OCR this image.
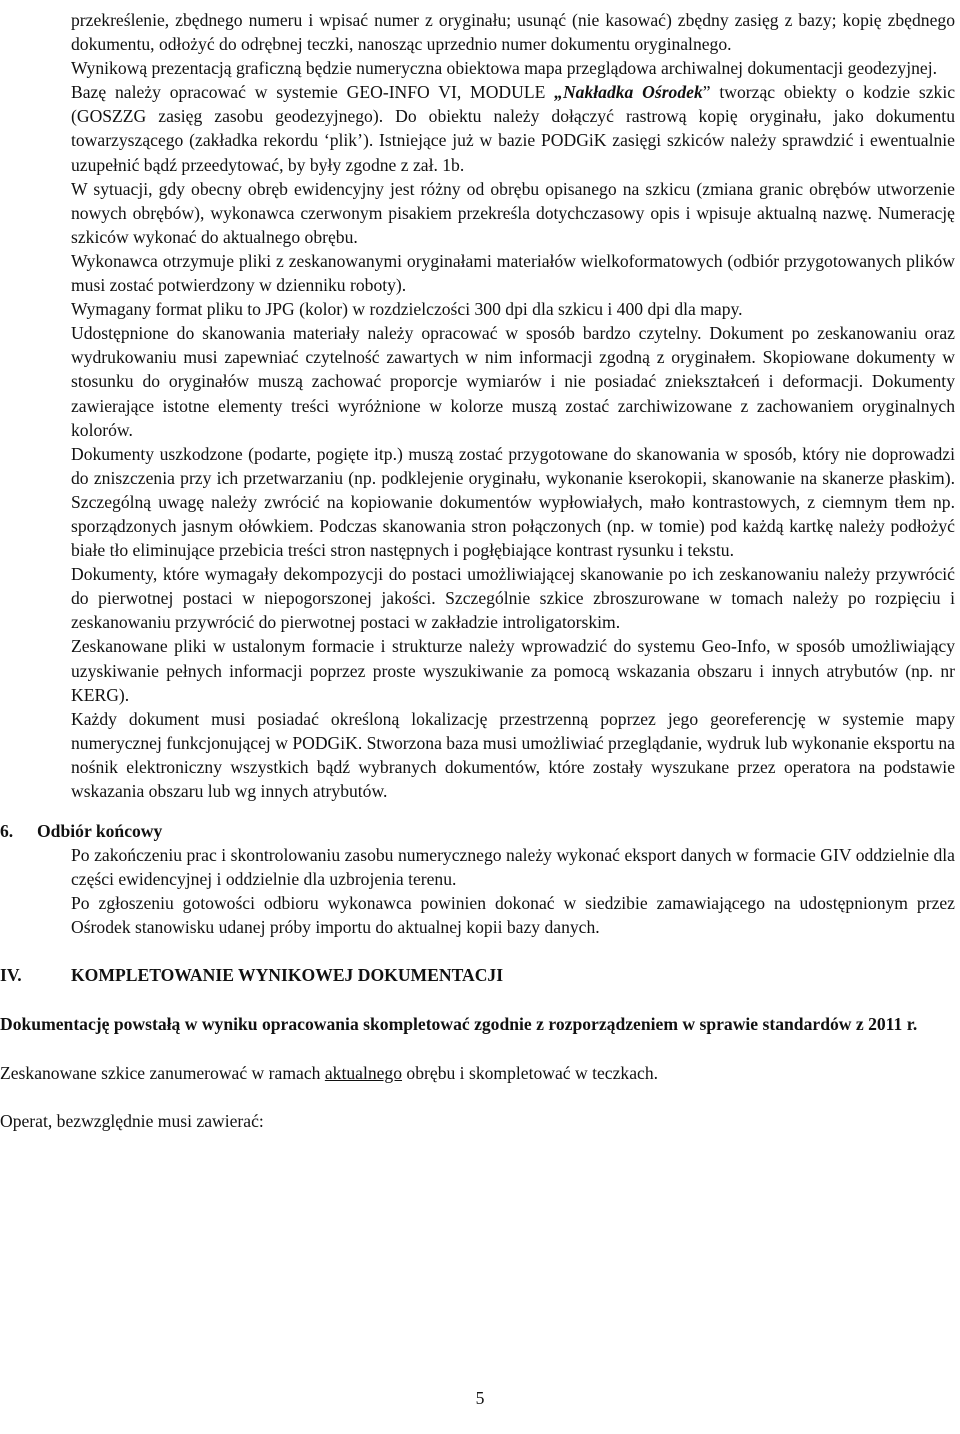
przekreślenie, zbędnego numeru i wpisać numer z oryginału; usunąć (nie kasować) zbędny zasięg z bazy; kopię zbędnego dokumentu, odłożyć do odrębnej teczki, nanosząc uprzednio numer dokumentu oryginalnego.

Wynikową prezentacją graficzną będzie numeryczna obiektowa mapa przeglądowa archiwalnej dokumentacji geodezyjnej.

Bazę należy opracować w systemie GEO-INFO VI, MODULE „Nakładka Ośrodek” tworząc obiekty o kodzie szkic (GOSZZG zasięg zasobu geodezyjnego). Do obiektu należy dołączyć rastrową kopię oryginału, jako dokumentu towarzyszącego (zakładka rekordu ‘plik’). Istniejące już w bazie PODGiK zasięgi szkiców należy sprawdzić i ewentualnie uzupełnić bądź przeedytować, by były zgodne z zał. 1b.

W sytuacji, gdy obecny obręb ewidencyjny jest różny od obrębu opisanego na szkicu (zmiana granic obrębów utworzenie nowych obrębów), wykonawca czerwonym pisakiem przekreśla dotychczasowy opis i wpisuje aktualną nazwę. Numerację szkiców wykonać do aktualnego obrębu.

Wykonawca otrzymuje pliki z zeskanowanymi oryginałami materiałów wielkoformatowych (odbiór przygotowanych plików musi zostać potwierdzony w dzienniku roboty).

Wymagany format pliku to JPG (kolor) w rozdzielczości 300 dpi dla szkicu i 400 dpi dla mapy.

Udostępnione do skanowania materiały należy opracować w sposób bardzo czytelny. Dokument po zeskanowaniu oraz wydrukowaniu musi zapewniać czytelność zawartych w nim informacji zgodną z oryginałem. Skopiowane dokumenty w stosunku do oryginałów muszą zachować proporcje wymiarów i nie posiadać zniekształceń i deformacji. Dokumenty zawierające istotne elementy treści wyróżnione w kolorze muszą zostać zarchiwizowane z zachowaniem oryginalnych kolorów.

Dokumenty uszkodzone (podarte, pogięte itp.) muszą zostać przygotowane do skanowania w sposób, który nie doprowadzi do zniszczenia przy ich przetwarzaniu (np. podklejenie oryginału, wykonanie kserokopii, skanowanie na skanerze płaskim). Szczególną uwagę należy zwrócić na kopiowanie dokumentów wypłowiałych, mało kontrastowych, z ciemnym tłem np. sporządzonych jasnym ołówkiem. Podczas skanowania stron połączonych (np. w tomie) pod każdą kartkę należy podłożyć białe tło eliminujące przebicia treści stron następnych i pogłębiające kontrast rysunku i tekstu.

Dokumenty, które wymagały dekompozycji do postaci umożliwiającej skanowanie po ich zeskanowaniu należy przywrócić do pierwotnej postaci w niepogorszonej jakości. Szczególnie szkice zbroszurowane w tomach należy po rozpięciu i zeskanowaniu przywrócić do pierwotnej postaci w zakładzie introligatorskim.

Zeskanowane pliki w ustalonym formacie i strukturze należy wprowadzić do systemu Geo-Info, w sposób umożliwiający uzyskiwanie pełnych informacji poprzez proste wyszukiwanie za pomocą wskazania obszaru i innych atrybutów (np. nr KERG).

Każdy dokument musi posiadać określoną lokalizację przestrzenną poprzez jego georeferencję w systemie mapy numerycznej funkcjonującej w PODGiK. Stworzona baza musi umożliwiać przeglądanie, wydruk lub wykonanie eksportu na nośnik elektroniczny wszystkich bądź wybranych dokumentów, które zostały wyszukane przez operatora na podstawie wskazania obszaru lub wg innych atrybutów.

6.	Odbiór końcowy

Po zakończeniu prac i skontrolowaniu zasobu numerycznego należy wykonać eksport danych w formacie GIV oddzielnie dla części ewidencyjnej i oddzielnie dla uzbrojenia terenu.

Po zgłoszeniu gotowości odbioru wykonawca powinien dokonać w siedzibie zamawiającego na udostępnionym przez Ośrodek stanowisku udanej próby importu do aktualnej kopii bazy danych.

IV.	KOMPLETOWANIE WYNIKOWEJ DOKUMENTACJI

Dokumentację powstałą w wyniku opracowania skompletować zgodnie z rozporządzeniem w sprawie standardów z 2011 r.

Zeskanowane szkice zanumerować w ramach aktualnego obrębu i skompletować w teczkach.

Operat, bezwzględnie musi zawierać:

5
